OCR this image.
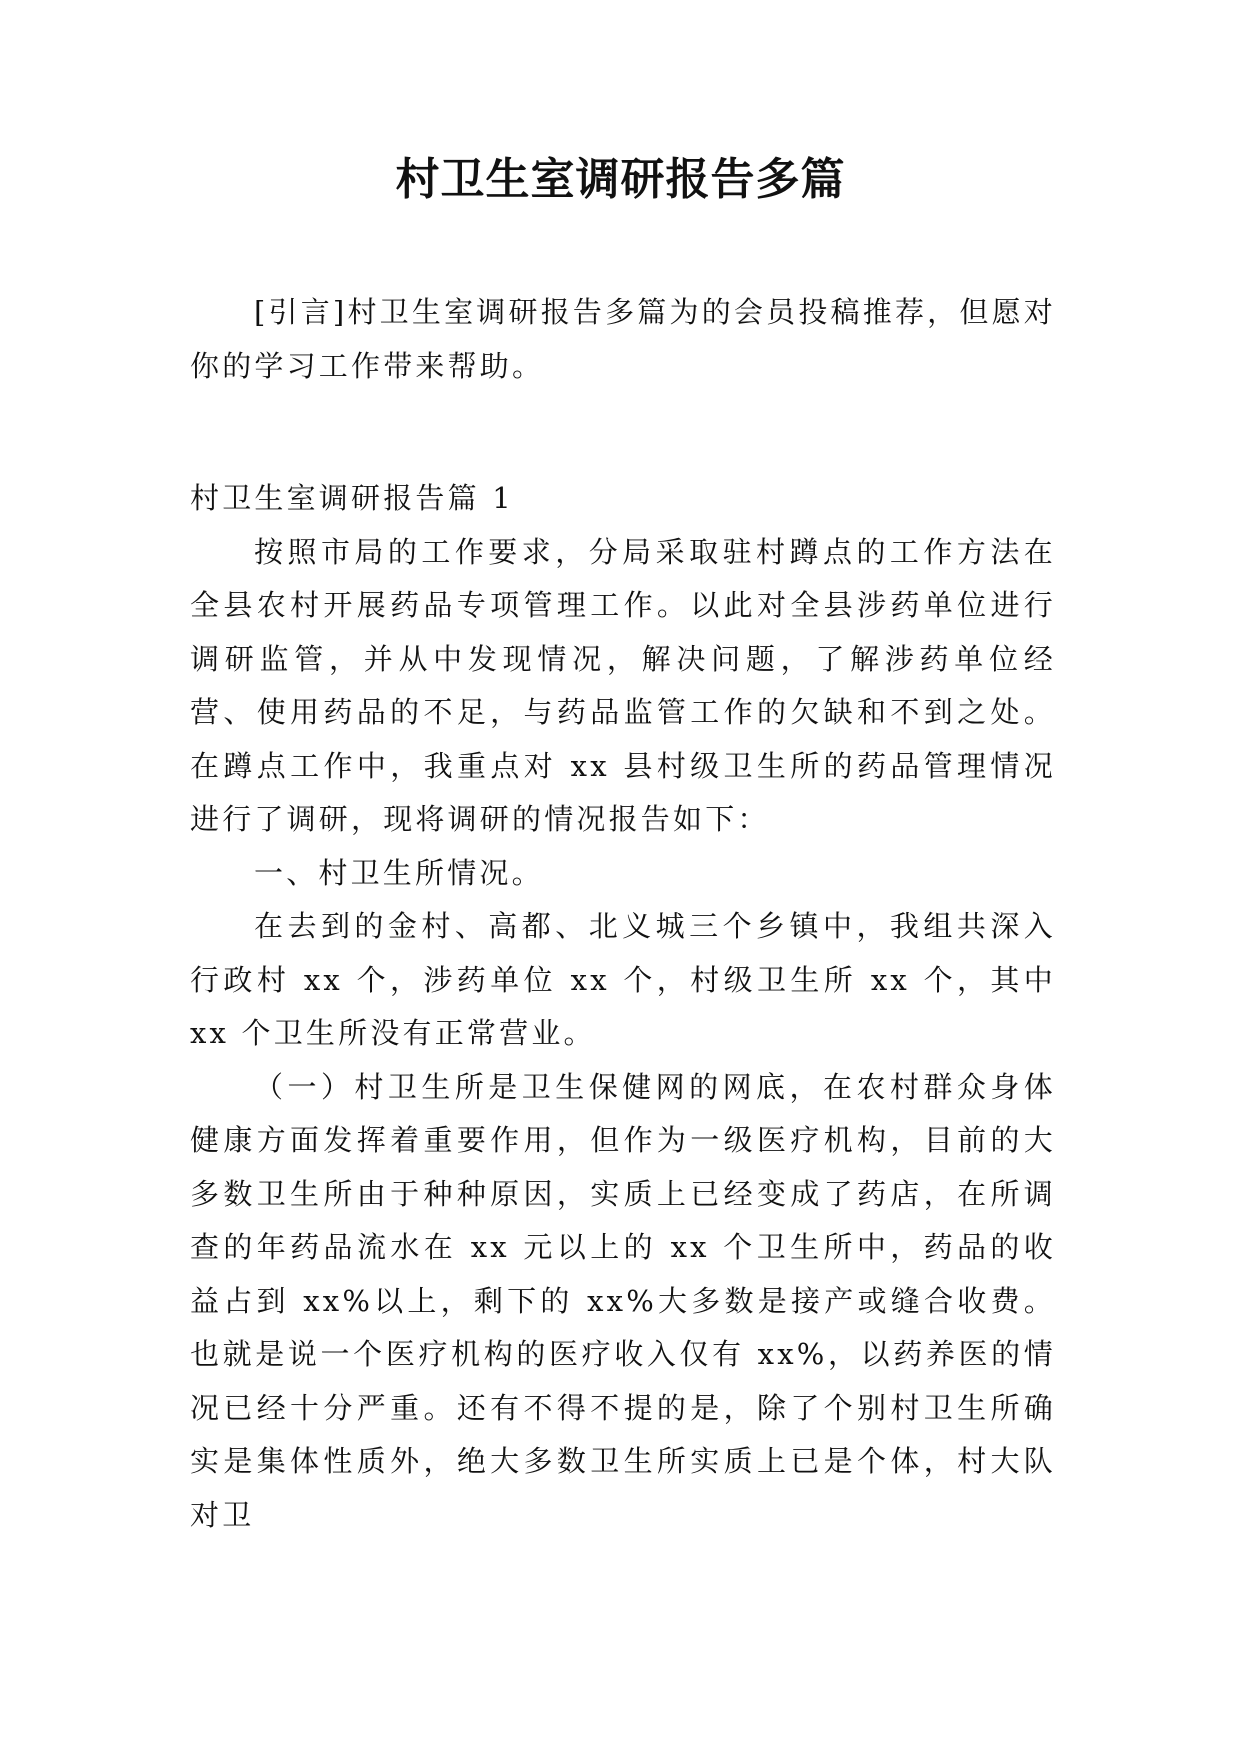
村卫生室调研报告多篇

[引言]村卫生室调研报告多篇为的会员投稿推荐，但愿对你的学习工作带来帮助。

村卫生室调研报告篇 1

按照市局的工作要求，分局采取驻村蹲点的工作方法在全县农村开展药品专项管理工作。以此对全县涉药单位进行调研监管，并从中发现情况，解决问题，了解涉药单位经营、使用药品的不足，与药品监管工作的欠缺和不到之处。在蹲点工作中，我重点对 xx 县村级卫生所的药品管理情况进行了调研，现将调研的情况报告如下：

一、村卫生所情况。

在去到的金村、高都、北义城三个乡镇中，我组共深入行政村 xx 个，涉药单位 xx 个，村级卫生所 xx 个，其中 xx 个卫生所没有正常营业。

（一）村卫生所是卫生保健网的网底，在农村群众身体健康方面发挥着重要作用，但作为一级医疗机构，目前的大多数卫生所由于种种原因，实质上已经变成了药店，在所调查的年药品流水在 xx 元以上的 xx 个卫生所中，药品的收益占到 xx%以上，剩下的 xx%大多数是接产或缝合收费。也就是说一个医疗机构的医疗收入仅有 xx%，以药养医的情况已经十分严重。还有不得不提的是，除了个别村卫生所确实是集体性质外，绝大多数卫生所实质上已是个体，村大队对卫
